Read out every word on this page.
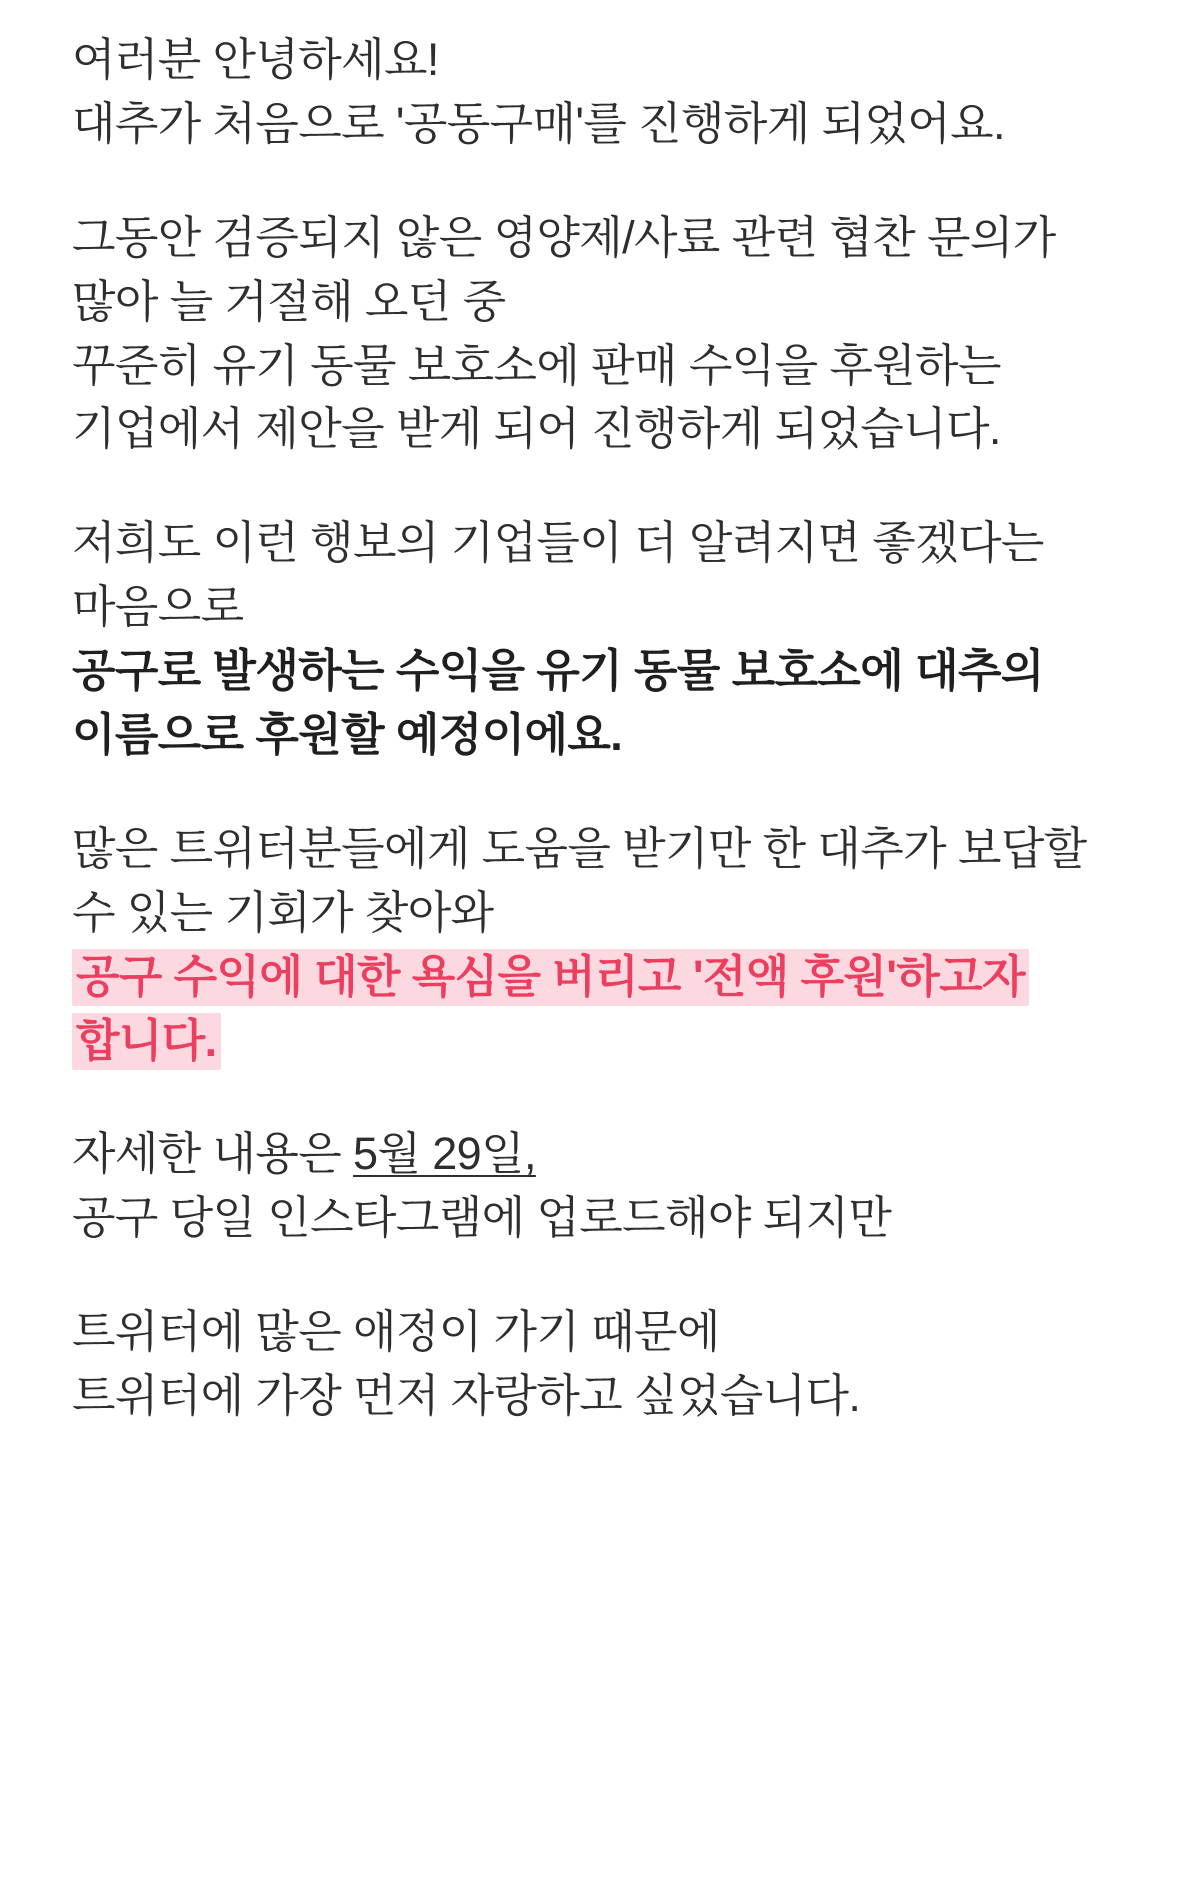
여러분 안녕하세요!
대추가 처음으로 '공동구매'를 진행하게 되었어요.

그동안 검증되지 않은 영양제/사료 관련 협찬 문의가 많아 늘 거절해 오던 중
꾸준히 유기 동물 보호소에 판매 수익을 후원하는 기업에서 제안을 받게 되어 진행하게 되었습니다.

저희도 이런 행보의 기업들이 더 알려지면 좋겠다는 마음으로

공구로 발생하는 수익을 유기 동물 보호소에 대추의 이름으로 후원할 예정이에요.

많은 트위터분들에게 도움을 받기만 한 대추가 보답할 수 있는 기회가 찾아와

공구 수익에 대한 욕심을 버리고 '전액 후원'하고자 합니다.

자세한 내용은 5월 29일,
공구 당일 인스타그램에 업로드해야 되지만

트위터에 많은 애정이 가기 때문에
트위터에 가장 먼저 자랑하고 싶었습니다.
